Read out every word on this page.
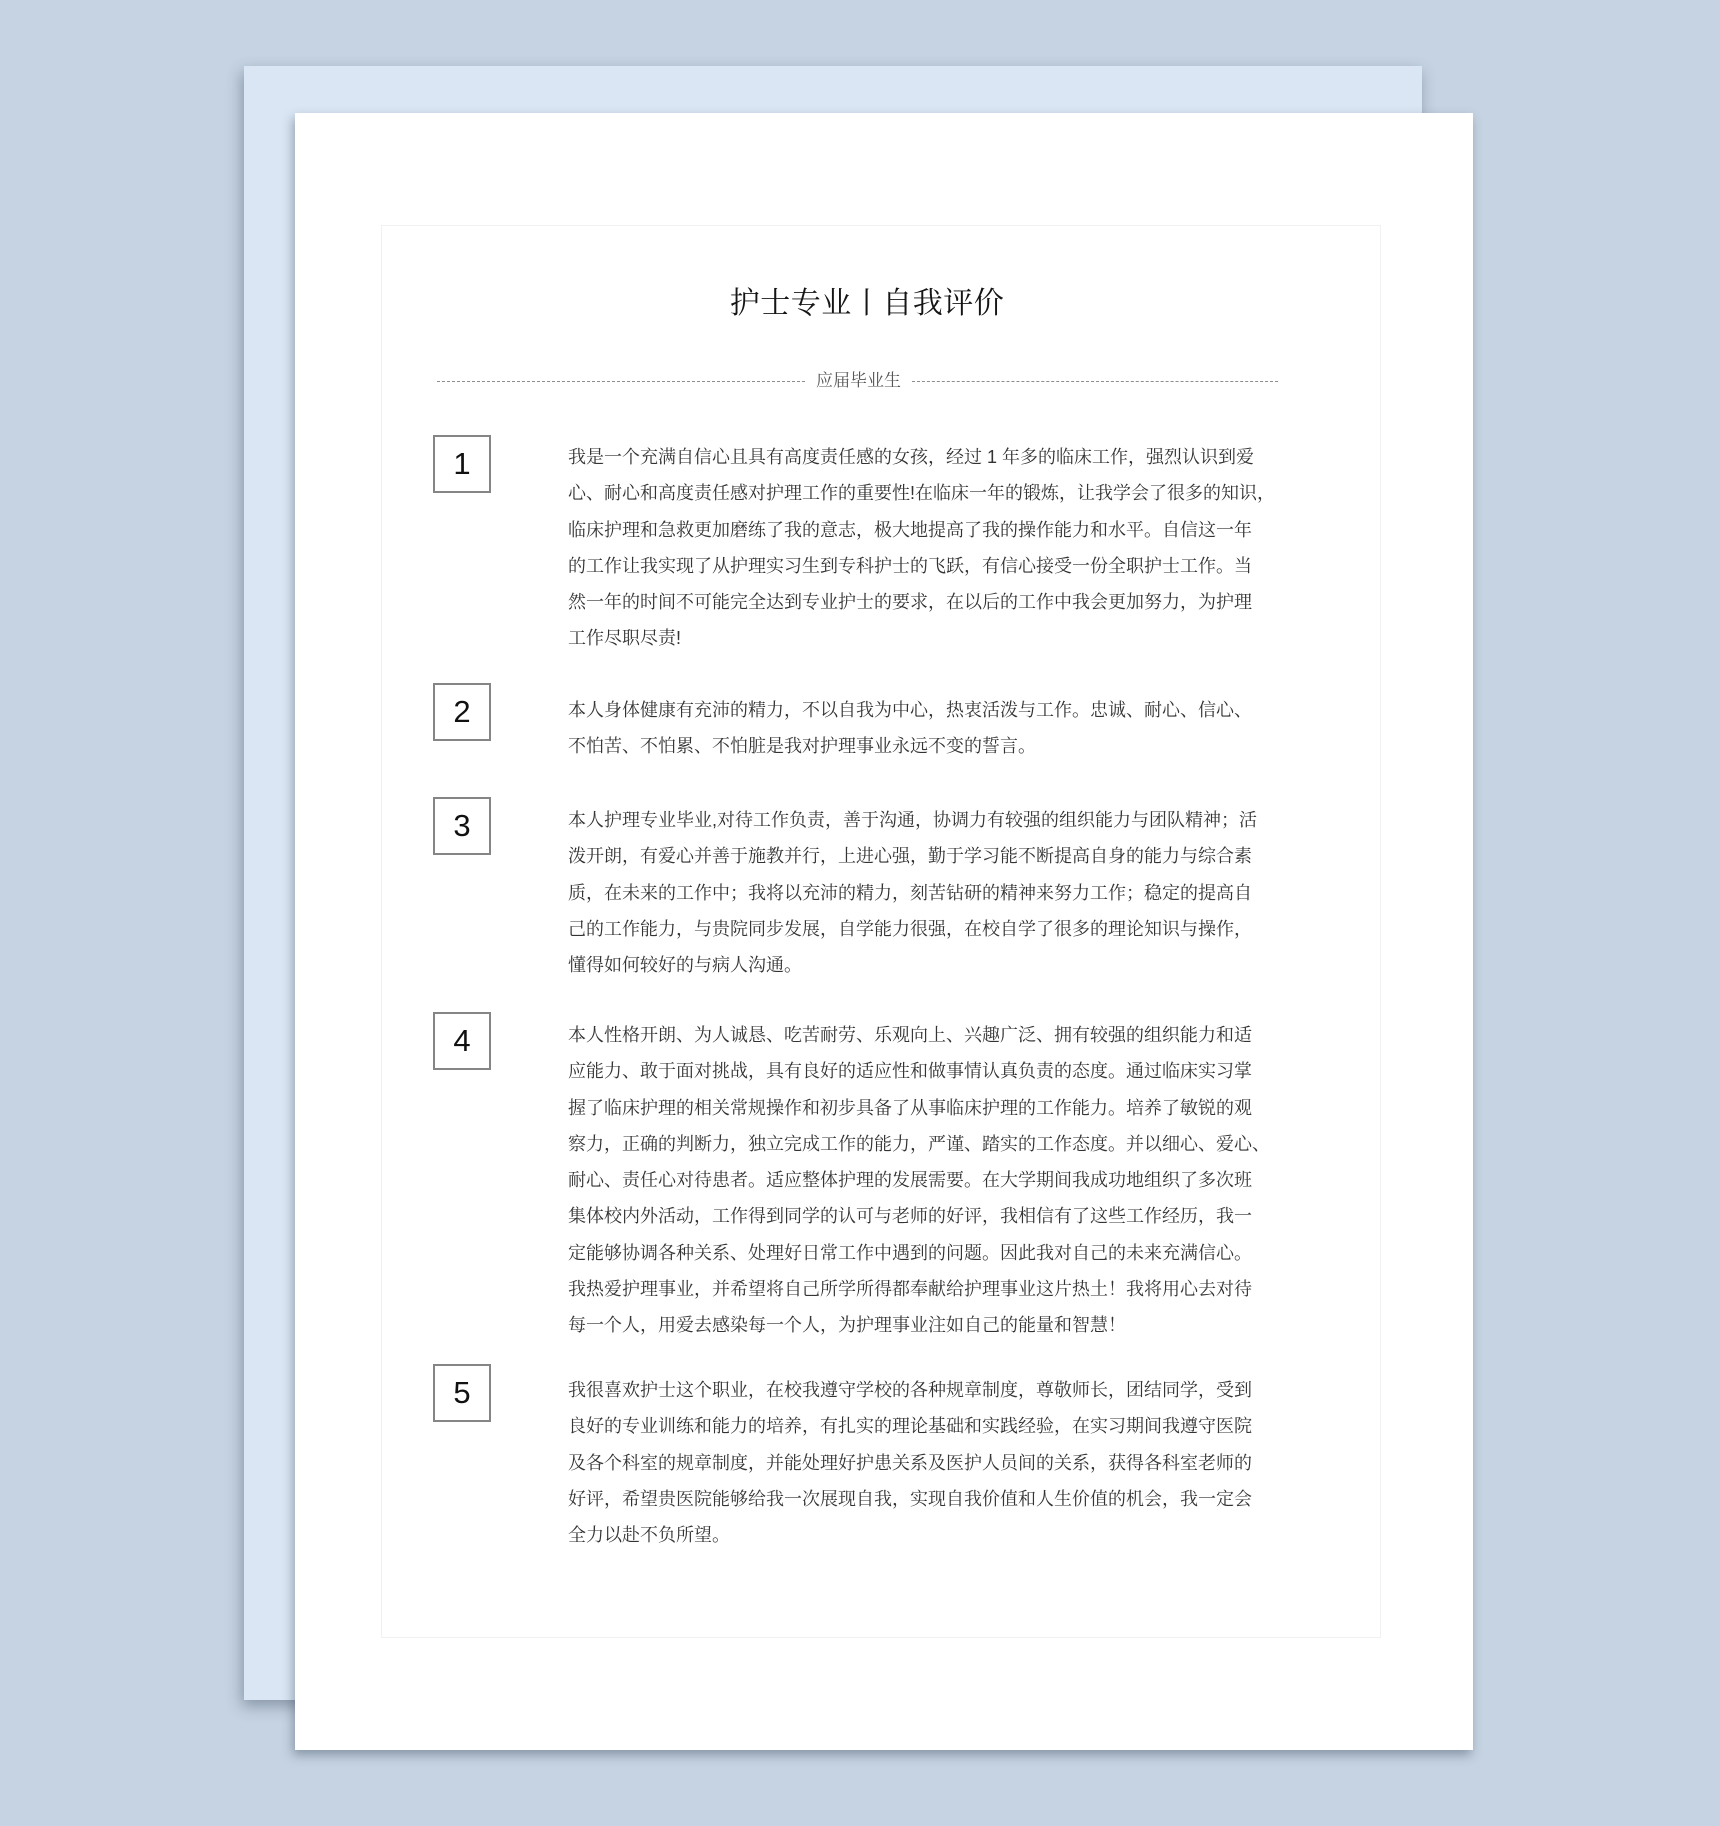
护士专业丨自我评价
应届毕业生
1	我是一个充满自信心且具有高度责任感的女孩，经过 1 年多的临床工作，强烈认识到爱
心、耐心和高度责任感对护理工作的重要性!在临床一年的锻炼，让我学会了很多的知识，
临床护理和急救更加磨练了我的意志，极大地提高了我的操作能力和水平。自信这一年
的工作让我实现了从护理实习生到专科护士的飞跃，有信心接受一份全职护士工作。当
然一年的时间不可能完全达到专业护士的要求，在以后的工作中我会更加努力，为护理
工作尽职尽责!
2	本人身体健康有充沛的精力，不以自我为中心，热衷活泼与工作。忠诚、耐心、信心、
不怕苦、不怕累、不怕脏是我对护理事业永远不变的誓言。
3	本人护理专业毕业,对待工作负责，善于沟通，协调力有较强的组织能力与团队精神；活
泼开朗，有爱心并善于施教并行，上进心强，勤于学习能不断提高自身的能力与综合素
质，在未来的工作中；我将以充沛的精力，刻苦钻研的精神来努力工作；稳定的提高自
己的工作能力，与贵院同步发展，自学能力很强，在校自学了很多的理论知识与操作，
懂得如何较好的与病人沟通。
4	本人性格开朗、为人诚恳、吃苦耐劳、乐观向上、兴趣广泛、拥有较强的组织能力和适
应能力、敢于面对挑战，具有良好的适应性和做事情认真负责的态度。通过临床实习掌
握了临床护理的相关常规操作和初步具备了从事临床护理的工作能力。培养了敏锐的观
察力，正确的判断力，独立完成工作的能力，严谨、踏实的工作态度。并以细心、爱心、
耐心、责任心对待患者。适应整体护理的发展需要。在大学期间我成功地组织了多次班
集体校内外活动，工作得到同学的认可与老师的好评，我相信有了这些工作经历，我一
定能够协调各种关系、处理好日常工作中遇到的问题。因此我对自己的未来充满信心。
我热爱护理事业，并希望将自己所学所得都奉献给护理事业这片热土！我将用心去对待
每一个人，用爱去感染每一个人，为护理事业注如自己的能量和智慧！
5	我很喜欢护士这个职业，在校我遵守学校的各种规章制度，尊敬师长，团结同学，受到
良好的专业训练和能力的培养，有扎实的理论基础和实践经验，在实习期间我遵守医院
及各个科室的规章制度，并能处理好护患关系及医护人员间的关系，获得各科室老师的
好评，希望贵医院能够给我一次展现自我，实现自我价值和人生价值的机会，我一定会
全力以赴不负所望。
